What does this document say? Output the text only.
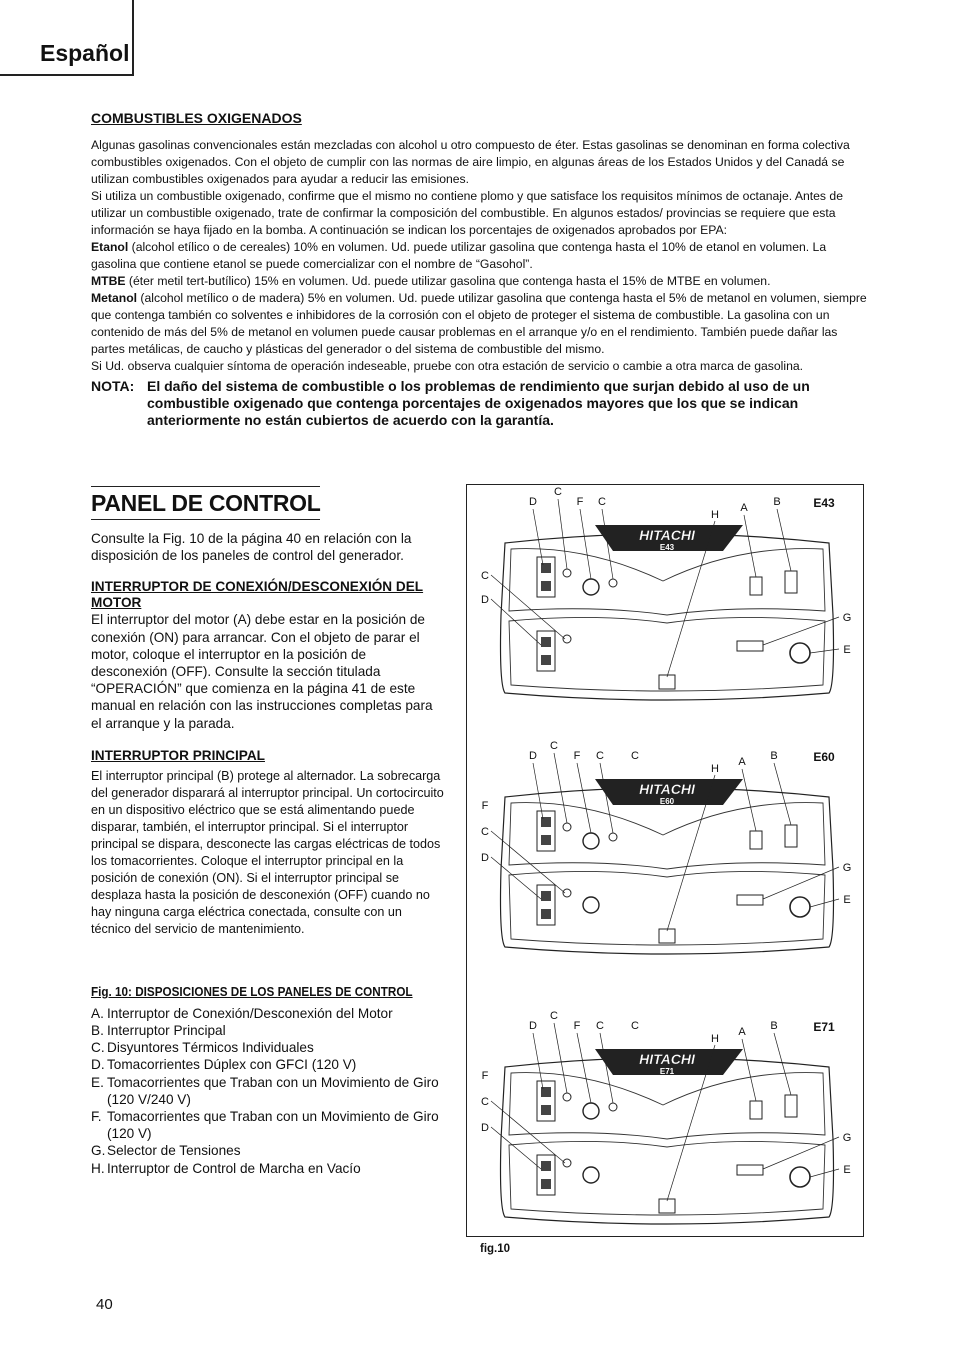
Español
COMBUSTIBLES OXIGENADOS

Algunas gasolinas convencionales están mezcladas con alcohol u otro compuesto de éter. Estas gasolinas se denominan en forma colectiva combustibles oxigenados. Con el objeto de cumplir con las normas de aire limpio, en algunas áreas de los Estados Unidos y del Canadá se utilizan combustibles oxigenados para ayudar a reducir las emisiones.

Si utiliza un combustible oxigenado, confirme que el mismo no contiene plomo y que satisface los requisitos mínimos de octanaje. Antes de utilizar un combustible oxigenado, trate de confirmar la composición del combustible. En algunos estados/ provincias se requiere que esta información se haya fijado en la bomba. A continuación se indican los porcentajes de oxigenados aprobados por EPA:

Etanol (alcohol etílico o de cereales) 10% en volumen. Ud. puede utilizar gasolina que contenga hasta el 10% de etanol en volumen. La gasolina que contiene etanol se puede comercializar con el nombre de “Gasohol”.

MTBE (éter metil tert-butílico) 15% en volumen. Ud. puede utilizar gasolina que contenga hasta el 15% de MTBE en volumen.

Metanol (alcohol metílico o de madera) 5% en volumen. Ud. puede utilizar gasolina que contenga hasta el 5% de metanol en volumen, siempre que contenga también co solventes e inhibidores de la corrosión con el objeto de proteger el sistema de combustible. La gasolina con un contenido de más del 5% de metanol en volumen puede causar problemas en el arranque y/o en el rendimiento. También puede dañar las partes metálicas, de caucho y plásticas del generador o del sistema de combustible del mismo.

Si Ud. observa cualquier síntoma de operación indeseable, pruebe con otra estación de servicio o cambie a otra marca de gasolina.

NOTA: El daño del sistema de combustible o los problemas de rendimiento que surjan debido al uso de un combustible oxigenado que contenga porcentajes de oxigenados mayores que los que se indican anteriormente no están cubiertos de acuerdo con la garantía.
PANEL DE CONTROL

Consulte la Fig. 10 de la página 40 en relación con la disposición de los paneles de control del generador.

INTERRUPTOR DE CONEXIÓN/DESCONEXIÓN DEL MOTOR

El interruptor del motor (A) debe estar en la posición de conexión (ON) para arrancar. Con el objeto de parar el motor, coloque el interruptor en la posición de desconexión (OFF). Consulte la sección titulada “OPERACIÓN” que comienza en la página 41 de este manual en relación con las instrucciones completas para el arranque y la parada.

INTERRUPTOR PRINCIPAL

El interruptor principal (B) protege al alternador. La sobrecarga del generador disparará al interruptor principal. Un cortocircuito en un dispositivo eléctrico que se está alimentando puede disparar, también, el interruptor principal. Si el interruptor principal se dispara, desconecte las cargas eléctricas de todos los tomacorrientes. Coloque el interruptor principal en la posición de conexión (ON). Si el interruptor principal se desplaza hasta la posición de desconexión (OFF) cuando no hay ninguna carga eléctrica conectada, consulte con un técnico del servicio de mantenimiento.

Fig. 10: DISPOSICIONES DE LOS PANELES DE CONTROL
A. Interruptor de Conexión/Desconexión del Motor
B. Interruptor Principal
C. Disyuntores Térmicos Individuales
D. Tomacorrientes Dúplex con GFCI (120 V)
E. Tomacorrientes que Traban con un Movimiento de Giro (120 V/240 V)
F. Tomacorrientes que Traban con un Movimiento de Giro (120 V)
G. Selector de Tensiones
H. Interruptor de Control de Marcha en Vacío
E43
D
C
F C
H
A B
C
D
G
E
HITACHI
E43
E60
D
C
F C C
H
A B
F
C
D
G
E
HITACHI
E60
E71
D
C
F C C
H
A B
F
C
D
G
E
HITACHI
E71
fig.10
40
